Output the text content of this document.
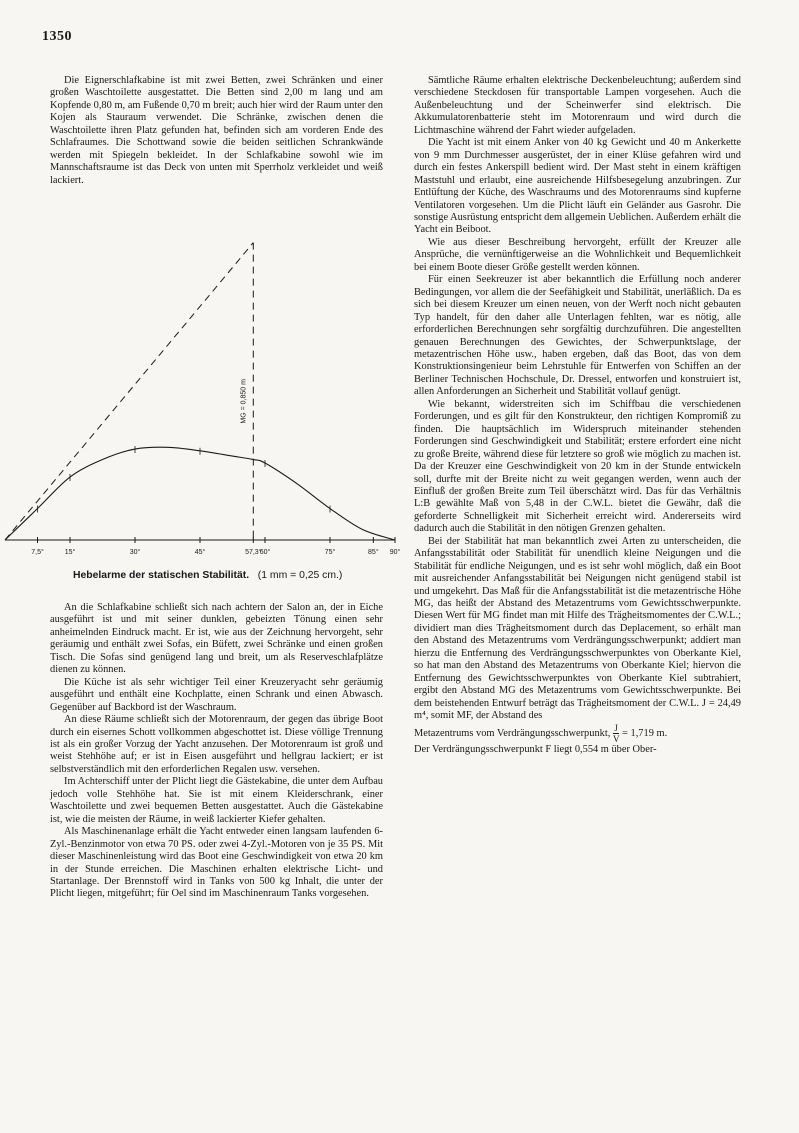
1350

Die Eignerschlafkabine ist mit zwei Betten, zwei Schränken und einer großen Waschtoilette ausgestattet. Die Betten sind 2,00 m lang und am Kopfende 0,80 m, am Fußende 0,70 m breit; auch hier wird der Raum unter den Kojen als Stauraum verwendet. Die Schränke, zwischen denen die Waschtoilette ihren Platz gefunden hat, befinden sich am vorderen Ende des Schlafraumes. Die Schottwand sowie die beiden seitlichen Schrankwände werden mit Spiegeln bekleidet. In der Schlafkabine sowohl wie im Mannschaftsraume ist das Deck von unten mit Sperrholz verkleidet und weiß lackiert.

7,5°	15°	30°	45°	57,3°
60°	75°	85° 90°
MG = 0,850 m
Hebelarme der statischen Stabilität. (1 mm = 0,25 cm.)

An die Schlafkabine schließt sich nach achtern der Salon an, der in Eiche ausgeführt ist und mit seiner dunklen, gebeizten Tönung einen sehr anheimelnden Eindruck macht. Er ist, wie aus der Zeichnung hervorgeht, sehr geräumig und enthält zwei Sofas, ein Büfett, zwei Schränke und einen großen Tisch. Die Sofas sind genügend lang und breit, um als Reserveschlafplätze dienen zu können.

Die Küche ist als sehr wichtiger Teil einer Kreuzeryacht sehr geräumig ausgeführt und enthält eine Kochplatte, einen Schrank und einen Abwasch. Gegenüber auf Backbord ist der Waschraum.

An diese Räume schließt sich der Motorenraum, der gegen das übrige Boot durch ein eisernes Schott vollkommen abgeschottet ist. Diese völlige Trennung ist als ein großer Vorzug der Yacht anzusehen. Der Motorenraum ist groß und weist Stehhöhe auf; er ist in Eisen ausgeführt und hellgrau lackiert; er ist selbstverständlich mit den erforderlichen Regalen usw. versehen.

Im Achterschiff unter der Plicht liegt die Gästekabine, die unter dem Aufbau jedoch volle Stehhöhe hat. Sie ist mit einem Kleiderschrank, einer Waschtoilette und zwei bequemen Betten ausgestattet. Auch die Gästekabine ist, wie die meisten der Räume, in weiß lackierter Kiefer gehalten.

Als Maschinenanlage erhält die Yacht entweder einen langsam laufenden 6-Zyl.-Benzinmotor von etwa 70 PS. oder zwei 4-Zyl.-Motoren von je 35 PS. Mit dieser Maschinenleistung wird das Boot eine Geschwindigkeit von etwa 20 km in der Stunde erreichen. Die Maschinen erhalten elektrische Licht- und Startanlage. Der Brennstoff wird in Tanks von 500 kg Inhalt, die unter der Plicht liegen, mitgeführt; für Oel sind im Maschinenraum Tanks vorgesehen.

Sämtliche Räume erhalten elektrische Deckenbeleuchtung; außerdem sind verschiedene Steckdosen für transportable Lampen vorgesehen. Auch die Außenbeleuchtung und der Scheinwerfer sind elektrisch. Die Akkumulatorenbatterie steht im Motorenraum und wird durch die Lichtmaschine während der Fahrt wieder aufgeladen.

Die Yacht ist mit einem Anker von 40 kg Gewicht und 40 m Ankerkette von 9 mm Durchmesser ausgerüstet, der in einer Klüse gefahren wird und durch ein festes Ankerspill bedient wird. Der Mast steht in einem kräftigen Maststuhl und erlaubt, eine ausreichende Hilfsbesegelung anzubringen. Zur Entlüftung der Küche, des Waschraums und des Motorenraums sind kupferne Ventilatoren vorgesehen. Um die Plicht läuft ein Geländer aus Gasrohr. Die sonstige Ausrüstung entspricht dem allgemein Ueblichen. Außerdem erhält die Yacht ein Beiboot.

Wie aus dieser Beschreibung hervorgeht, erfüllt der Kreuzer alle Ansprüche, die vernünftigerweise an die Wohnlichkeit und Bequemlichkeit bei einem Boote dieser Größe gestellt werden können.

Für einen Seekreuzer ist aber bekanntlich die Erfüllung noch anderer Bedingungen, vor allem die der Seefähigkeit und Stabilität, unerläßlich. Da es sich bei diesem Kreuzer um einen neuen, von der Werft noch nicht gebauten Typ handelt, für den daher alle Unterlagen fehlten, war es nötig, alle erforderlichen Berechnungen sehr sorgfältig durchzuführen. Die angestellten genauen Berechnungen des Gewichtes, der Schwerpunktslage, der metazentrischen Höhe usw., haben ergeben, daß das Boot, das von dem Konstruktionsingenieur beim Lehrstuhle für Entwerfen von Schiffen an der Berliner Technischen Hochschule, Dr. Dressel, entworfen und konstruiert ist, allen Anforderungen an Sicherheit und Stabilität vollauf genügt.

Wie bekannt, widerstreiten sich im Schiffbau die verschiedenen Forderungen, und es gilt für den Konstrukteur, den richtigen Kompromiß zu finden. Die hauptsächlich im Widerspruch miteinander stehenden Forderungen sind Geschwindigkeit und Stabilität; erstere erfordert eine nicht zu große Breite, während diese für letztere so groß wie möglich zu machen ist. Da der Kreuzer eine Geschwindigkeit von 20 km in der Stunde entwickeln soll, durfte mit der Breite nicht zu weit gegangen werden, wenn auch der Einfluß der großen Breite zum Teil überschätzt wird. Das für das Verhältnis L:B gewählte Maß von 5,48 in der C.W.L. bietet die Gewähr, daß die geforderte Schnelligkeit mit Sicherheit erreicht wird. Andererseits wird dadurch auch die Stabilität in den nötigen Grenzen gehalten.

Bei der Stabilität hat man bekanntlich zwei Arten zu unterscheiden, die Anfangsstabilität oder Stabilität für unendlich kleine Neigungen und die Stabilität für endliche Neigungen, und es ist sehr wohl möglich, daß ein Boot mit ausreichender Anfangsstabilität bei Neigungen nicht genügend stabil ist und umgekehrt. Das Maß für die Anfangsstabilität ist die metazentrische Höhe MG, das heißt der Abstand des Metazentrums vom Gewichtsschwerpunkte. Diesen Wert für MG findet man mit Hilfe des Trägheitsmomentes der C.W.L.; dividiert man dies Trägheitsmoment durch das Deplacement, so erhält man den Abstand des Metazentrums vom Verdrängungsschwerpunkt; addiert man hierzu die Entfernung des Verdrängungsschwerpunktes von Oberkante Kiel, so hat man den Abstand des Metazentrums von Oberkante Kiel; hiervon die Entfernung des Gewichtsschwerpunktes von Oberkante Kiel subtrahiert, ergibt den Abstand MG des Metazentrums vom Gewichtsschwerpunkte. Bei dem beistehenden Entwurf beträgt das Trägheitsmoment der C.W.L. J = 24,49 m⁴, somit MF, der Abstand des

Metazentrums vom Verdrängungsschwerpunkt, $\frac{J}{V} = 1,719$ m.
Der Verdrängungsschwerpunkt F liegt 0,554 m über Ober-
